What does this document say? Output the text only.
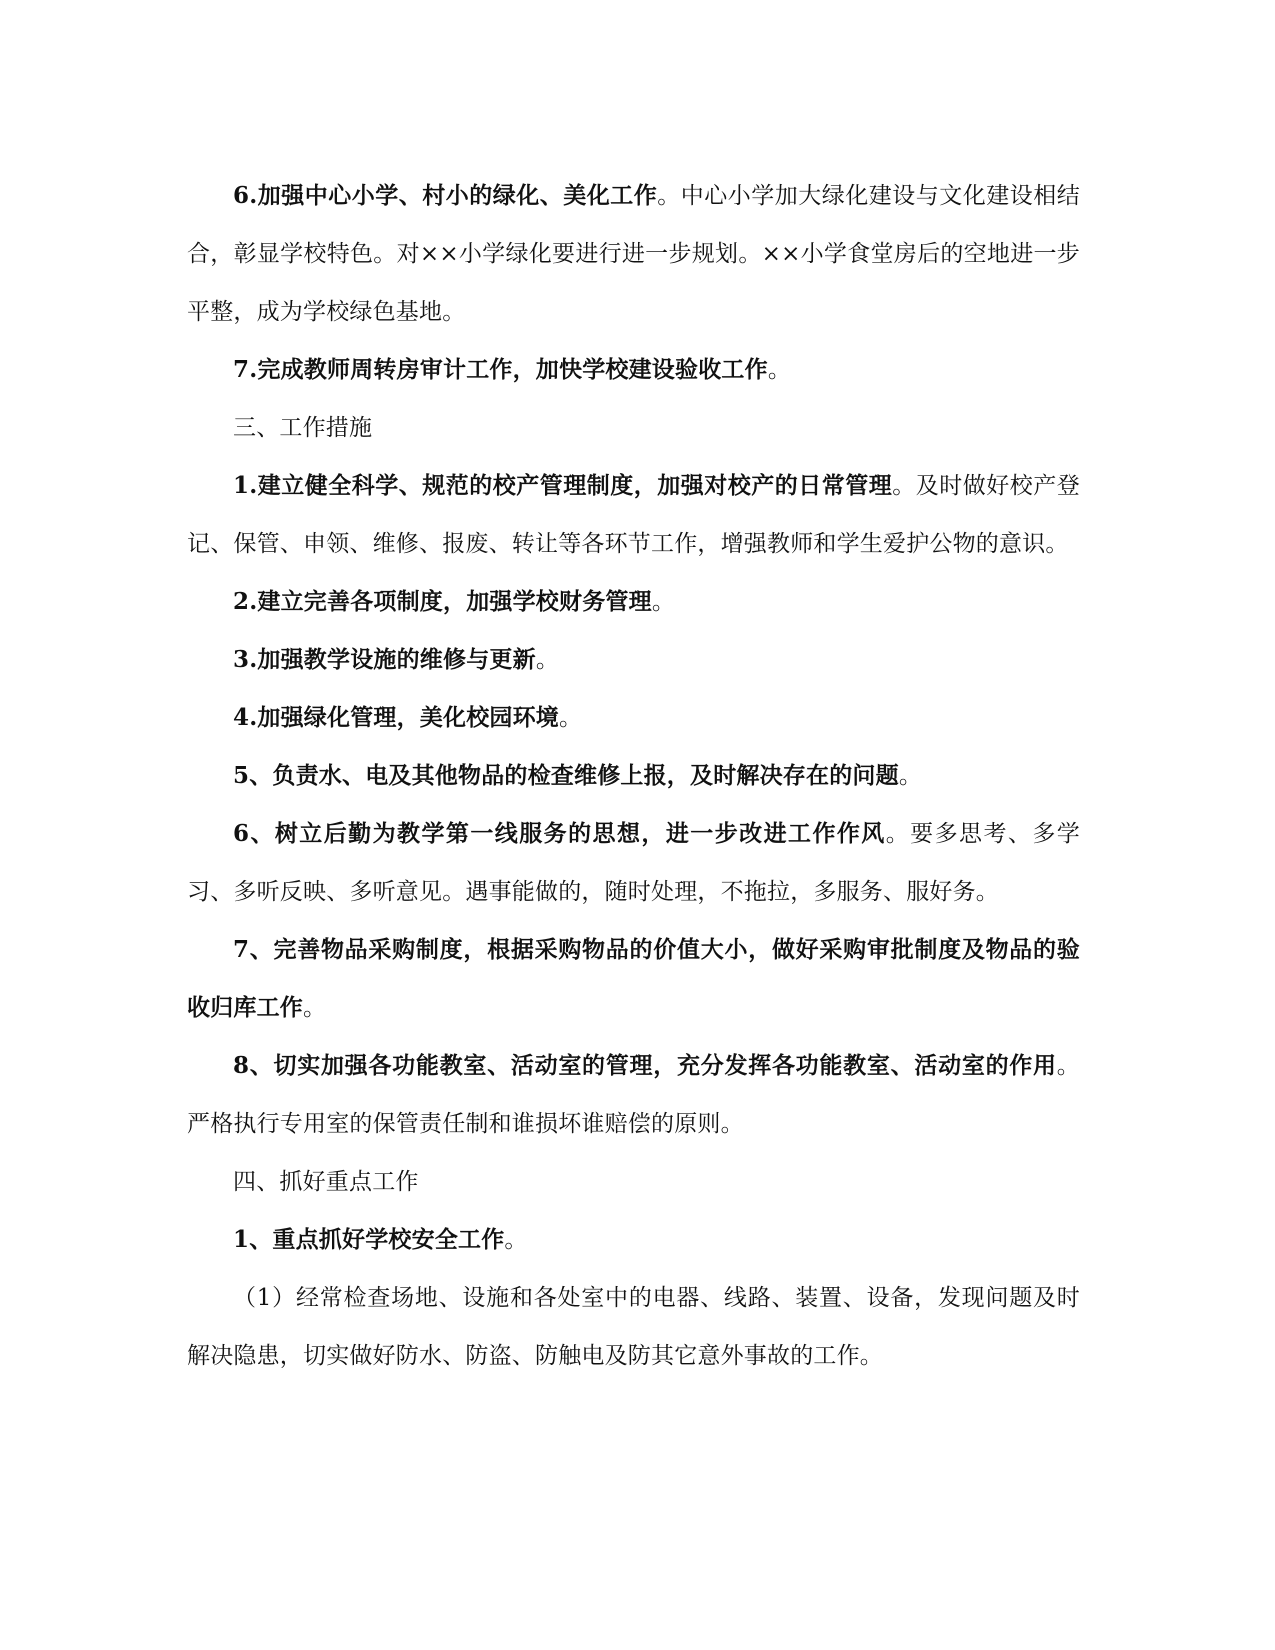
6.加强中心小学、村小的绿化、美化工作。中心小学加大绿化建设与文化建设相结合，彰显学校特色。对××小学绿化要进行进一步规划。××小学食堂房后的空地进一步平整，成为学校绿色基地。

7.完成教师周转房审计工作，加快学校建设验收工作。

三、工作措施

1.建立健全科学、规范的校产管理制度，加强对校产的日常管理。及时做好校产登记、保管、申领、维修、报废、转让等各环节工作，增强教师和学生爱护公物的意识。

2.建立完善各项制度，加强学校财务管理。

3.加强教学设施的维修与更新。

4.加强绿化管理，美化校园环境。

5、负责水、电及其他物品的检查维修上报，及时解决存在的问题。

6、树立后勤为教学第一线服务的思想，进一步改进工作作风。要多思考、多学习、多听反映、多听意见。遇事能做的，随时处理，不拖拉，多服务、服好务。

7、完善物品采购制度，根据采购物品的价值大小，做好采购审批制度及物品的验收归库工作。

8、切实加强各功能教室、活动室的管理，充分发挥各功能教室、活动室的作用。严格执行专用室的保管责任制和谁损坏谁赔偿的原则。

四、抓好重点工作

1、重点抓好学校安全工作。

（1）经常检查场地、设施和各处室中的电器、线路、装置、设备，发现问题及时解决隐患，切实做好防水、防盗、防触电及防其它意外事故的工作。
